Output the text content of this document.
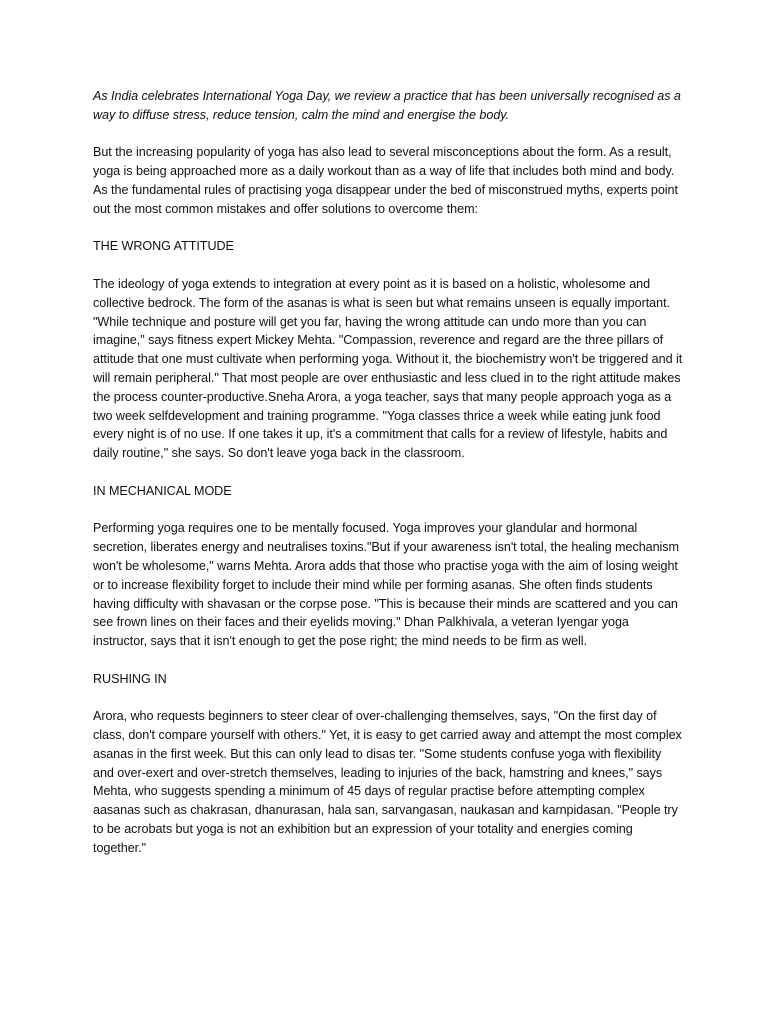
As India celebrates International Yoga Day, we review a practice that has been universally recognised as a way to diffuse stress, reduce tension, calm the mind and energise the body.

But the increasing popularity of yoga has also lead to several misconceptions about the form. As a result, yoga is being approached more as a daily workout than as a way of life that includes both mind and body. As the fundamental rules of practising yoga disappear under the bed of misconstrued myths, experts point out the most common mistakes and offer solutions to overcome them:

THE WRONG ATTITUDE

The ideology of yoga extends to integration at every point as it is based on a holistic, wholesome and collective bedrock. The form of the asanas is what is seen but what remains unseen is equally important. "While technique and posture will get you far, having the wrong attitude can undo more than you can imagine," says fitness expert Mickey Mehta. "Compassion, reverence and regard are the three pillars of attitude that one must cultivate when performing yoga. Without it, the biochemistry won't be triggered and it will remain peripheral." That most people are over enthusiastic and less clued in to the right attitude makes the process counter-productive.Sneha Arora, a yoga teacher, says that many people approach yoga as a two week selfdevelopment and training programme. "Yoga classes thrice a week while eating junk food every night is of no use. If one takes it up, it's a commitment that calls for a review of lifestyle, habits and daily routine," she says. So don't leave yoga back in the classroom.

IN MECHANICAL MODE

Performing yoga requires one to be mentally focused. Yoga improves your glandular and hormonal secretion, liberates energy and neutralises toxins."But if your awareness isn't total, the healing mechanism won't be wholesome," warns Mehta. Arora adds that those who practise yoga with the aim of losing weight or to increase flexibility forget to include their mind while per forming asanas. She often finds students having difficulty with shavasan or the corpse pose. "This is because their minds are scattered and you can see frown lines on their faces and their eyelids moving." Dhan Palkhivala, a veteran Iyengar yoga instructor, says that it isn't enough to get the pose right; the mind needs to be firm as well.

RUSHING IN

Arora, who requests beginners to steer clear of over-challenging themselves, says, "On the first day of class, don't compare yourself with others." Yet, it is easy to get carried away and attempt the most complex asanas in the first week. But this can only lead to disas ter. "Some students confuse yoga with flexibility and over-exert and over-stretch themselves, leading to injuries of the back, hamstring and knees," says Mehta, who suggests spending a minimum of 45 days of regular practise before attempting complex aasanas such as chakrasan, dhanurasan, hala san, sarvangasan, naukasan and karnpidasan. "People try to be acrobats but yoga is not an exhibition but an expression of your totality and energies coming together."
